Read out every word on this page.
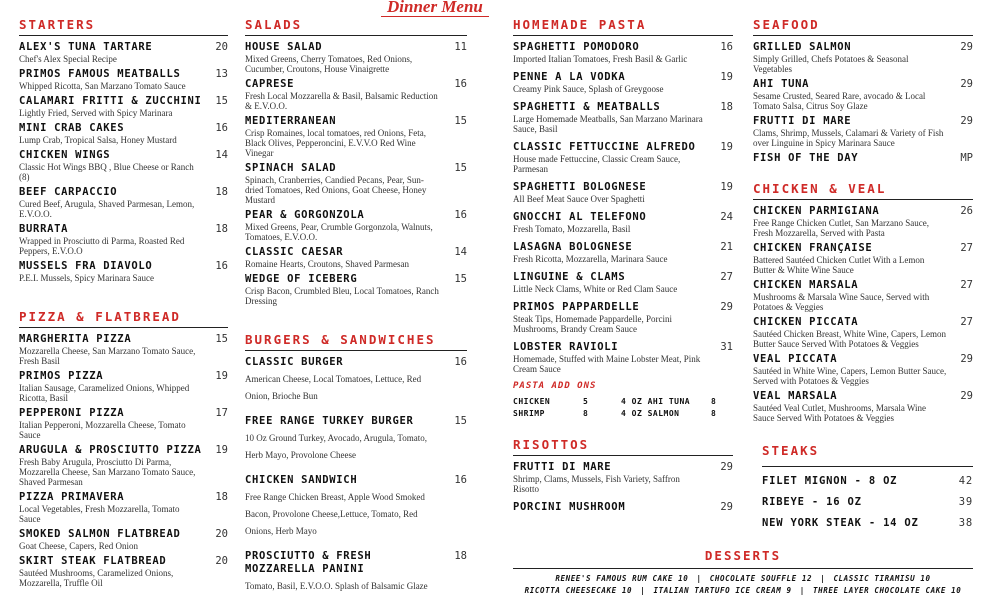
Dinner Menu
STARTERS
ALEX'S TUNA TARTARE	20
Chef's Alex Special Recipe
PRIMOS FAMOUS MEATBALLS	13
Whipped Ricotta, San Marzano Tomato Sauce
CALAMARI FRITTI & ZUCCHINI 15
Lightly Fried, Served with Spicy Marinara
MINI CRAB CAKES	16
Lump Crab, Tropical Salsa, Honey Mustard
CHICKEN WINGS	14
Classic Hot Wings BBQ , Blue Cheese or Ranch (8)
BEEF CARPACCIO	18
Cured Beef, Arugula, Shaved Parmesan, Lemon, E.V.O.O.
BURRATA	18
Wrapped in Prosciutto di Parma, Roasted Red Peppers, E.V.O.O
MUSSELS FRA DIAVOLO	16
P.E.I. Mussels, Spicy Marinara Sauce
PIZZA & FLATBREAD
MARGHERITA PIZZA	15
Mozzarella Cheese, San Marzano Tomato Sauce, Fresh Basil
PRIMOS PIZZA	19
Italian Sausage, Caramelized Onions, Whipped Ricotta, Basil
PEPPERONI PIZZA	17
Italian Pepperoni, Mozzarella Cheese, Tomato Sauce
ARUGULA & PROSCIUTTO PIZZA 19
Fresh Baby Arugula, Prosciutto Di Parma, Mozzarella Cheese, San Marzano Tomato Sauce, Shaved Parmesan
PIZZA PRIMAVERA	18
Local Vegetables, Fresh Mozzarella, Tomato Sauce
SMOKED SALMON FLATBREAD	20
Goat Cheese, Capers, Red Onion
SKIRT STEAK FLATBREAD	20
Sautéed Mushrooms, Caramelized Onions, Mozzarella, Truffle Oil
SALADS
HOUSE SALAD	11
Mixed Greens, Cherry Tomatoes, Red Onions, Cucumber, Croutons, House Vinaigrette
CAPRESE	16
Fresh Local Mozzarella & Basil, Balsamic Reduction & E.V.O.O.
MEDITERRANEAN	15
Crisp Romaines, local tomatoes, red Onions, Feta, Black Olives, Pepperoncini, E.V.V.O Red Wine Vinegar
SPINACH SALAD	15
Spinach, Cranberries, Candied Pecans, Pear, Sun-dried Tomatoes, Red Onions, Goat Cheese, Honey Mustard
PEAR & GORGONZOLA	16
Mixed Greens, Pear, Crumble Gorgonzola, Walnuts, Tomatoes, E.V.O.O.
CLASSIC CAESAR	14
Romaine Hearts, Croutons, Shaved Parmesan
WEDGE OF ICEBERG	15
Crisp Bacon, Crumbled Bleu, Local Tomatoes, Ranch Dressing
BURGERS & SANDWICHES
CLASSIC BURGER	16
American Cheese, Local Tomatoes, Lettuce, Red Onion, Brioche Bun
FREE RANGE TURKEY BURGER	15
10 Oz Ground Turkey, Avocado, Arugula, Tomato, Herb Mayo, Provolone Cheese
CHICKEN SANDWICH	16
Free Range Chicken Breast, Apple Wood Smoked Bacon, Provolone Cheese,Lettuce, Tomato, Red Onions, Herb Mayo
PROSCIUTTO & FRESH MOZZARELLA PANINI
18
Tomato, Basil, E.V.O.O. Splash of Balsamic Glaze
HOMEMADE PASTA
SPAGHETTI POMODORO	16
Imported Italian Tomatoes, Fresh Basil & Garlic
PENNE A LA VODKA	19
Creamy Pink Sauce, Splash of Greygoose
SPAGHETTI & MEATBALLS	18
Large Homemade Meatballs, San Marzano Marinara Sauce, Basil
CLASSIC FETTUCCINE ALFREDO	19
House made Fettuccine, Classic Cream Sauce, Parmesan
SPAGHETTI BOLOGNESE	19
All Beef Meat Sauce Over Spaghetti
GNOCCHI AL TELEFONO	24
Fresh Tomato, Mozzarella, Basil
LASAGNA BOLOGNESE	21
Fresh Ricotta, Mozzarella, Marinara Sauce
LINGUINE & CLAMS	27
Little Neck Clams, White or Red Clam Sauce
PRIMOS PAPPARDELLE	29
Steak Tips, Homemade Pappardelle, Porcini Mushrooms, Brandy Cream Sauce
LOBSTER RAVIOLI	31
Homemade, Stuffed with Maine Lobster Meat, Pink Cream Sauce
PASTA ADD ONS
CHICKEN	5	4 OZ AHI TUNA	8
SHRIMP	8	4 OZ SALMON	8
RISOTTOS
FRUTTI DI MARE	29
Shrimp, Clams, Mussels, Fish Variety, Saffron Risotto
PORCINI MUSHROOM	29
SEAFOOD
GRILLED SALMON	29
Simply Grilled, Chefs Potatoes & Seasonal Vegetables
AHI TUNA	29
Sesame Crusted, Seared Rare, avocado & Local Tomato Salsa, Citrus Soy Glaze
FRUTTI DI MARE	29
Clams, Shrimp, Mussels, Calamari & Variety of Fish over Linguine in Spicy Marinara Sauce
FISH OF THE DAY	MP
CHICKEN & VEAL
CHICKEN PARMIGIANA	26
Free Range Chicken Cutlet, San Marzano Sauce, Fresh Mozzarella, Served with Pasta
CHICKEN FRANÇAISE	27
Battered Sautéed Chicken Cutlet With a Lemon Butter & White Wine Sauce
CHICKEN MARSALA	27
Mushrooms & Marsala Wine Sauce, Served with Potatoes & Veggies
CHICKEN PICCATA	27
Sautéed Chicken Breast, White Wine, Capers, Lemon Butter Sauce Served With Potatoes & Veggies
VEAL PICCATA	29
Sautéed in White Wine, Capers, Lemon Butter Sauce, Served with Potatoes & Veggies
VEAL MARSALA	29
Sautéed Veal Cutlet, Mushrooms, Marsala Wine Sauce Served With Potatoes & Veggies
STEAKS
FILET MIGNON - 8 OZ	42
RIBEYE - 16 OZ	39
NEW YORK STEAK - 14 OZ	38
DESSERTS
RENEE'S FAMOUS RUM CAKE 10 | CHOCOLATE SOUFFLE 12 | CLASSIC TIRAMISU 10
RICOTTA CHEESECAKE 10 | ITALIAN TARTUFO ICE CREAM 9 | THREE LAYER CHOCOLATE CAKE 10
